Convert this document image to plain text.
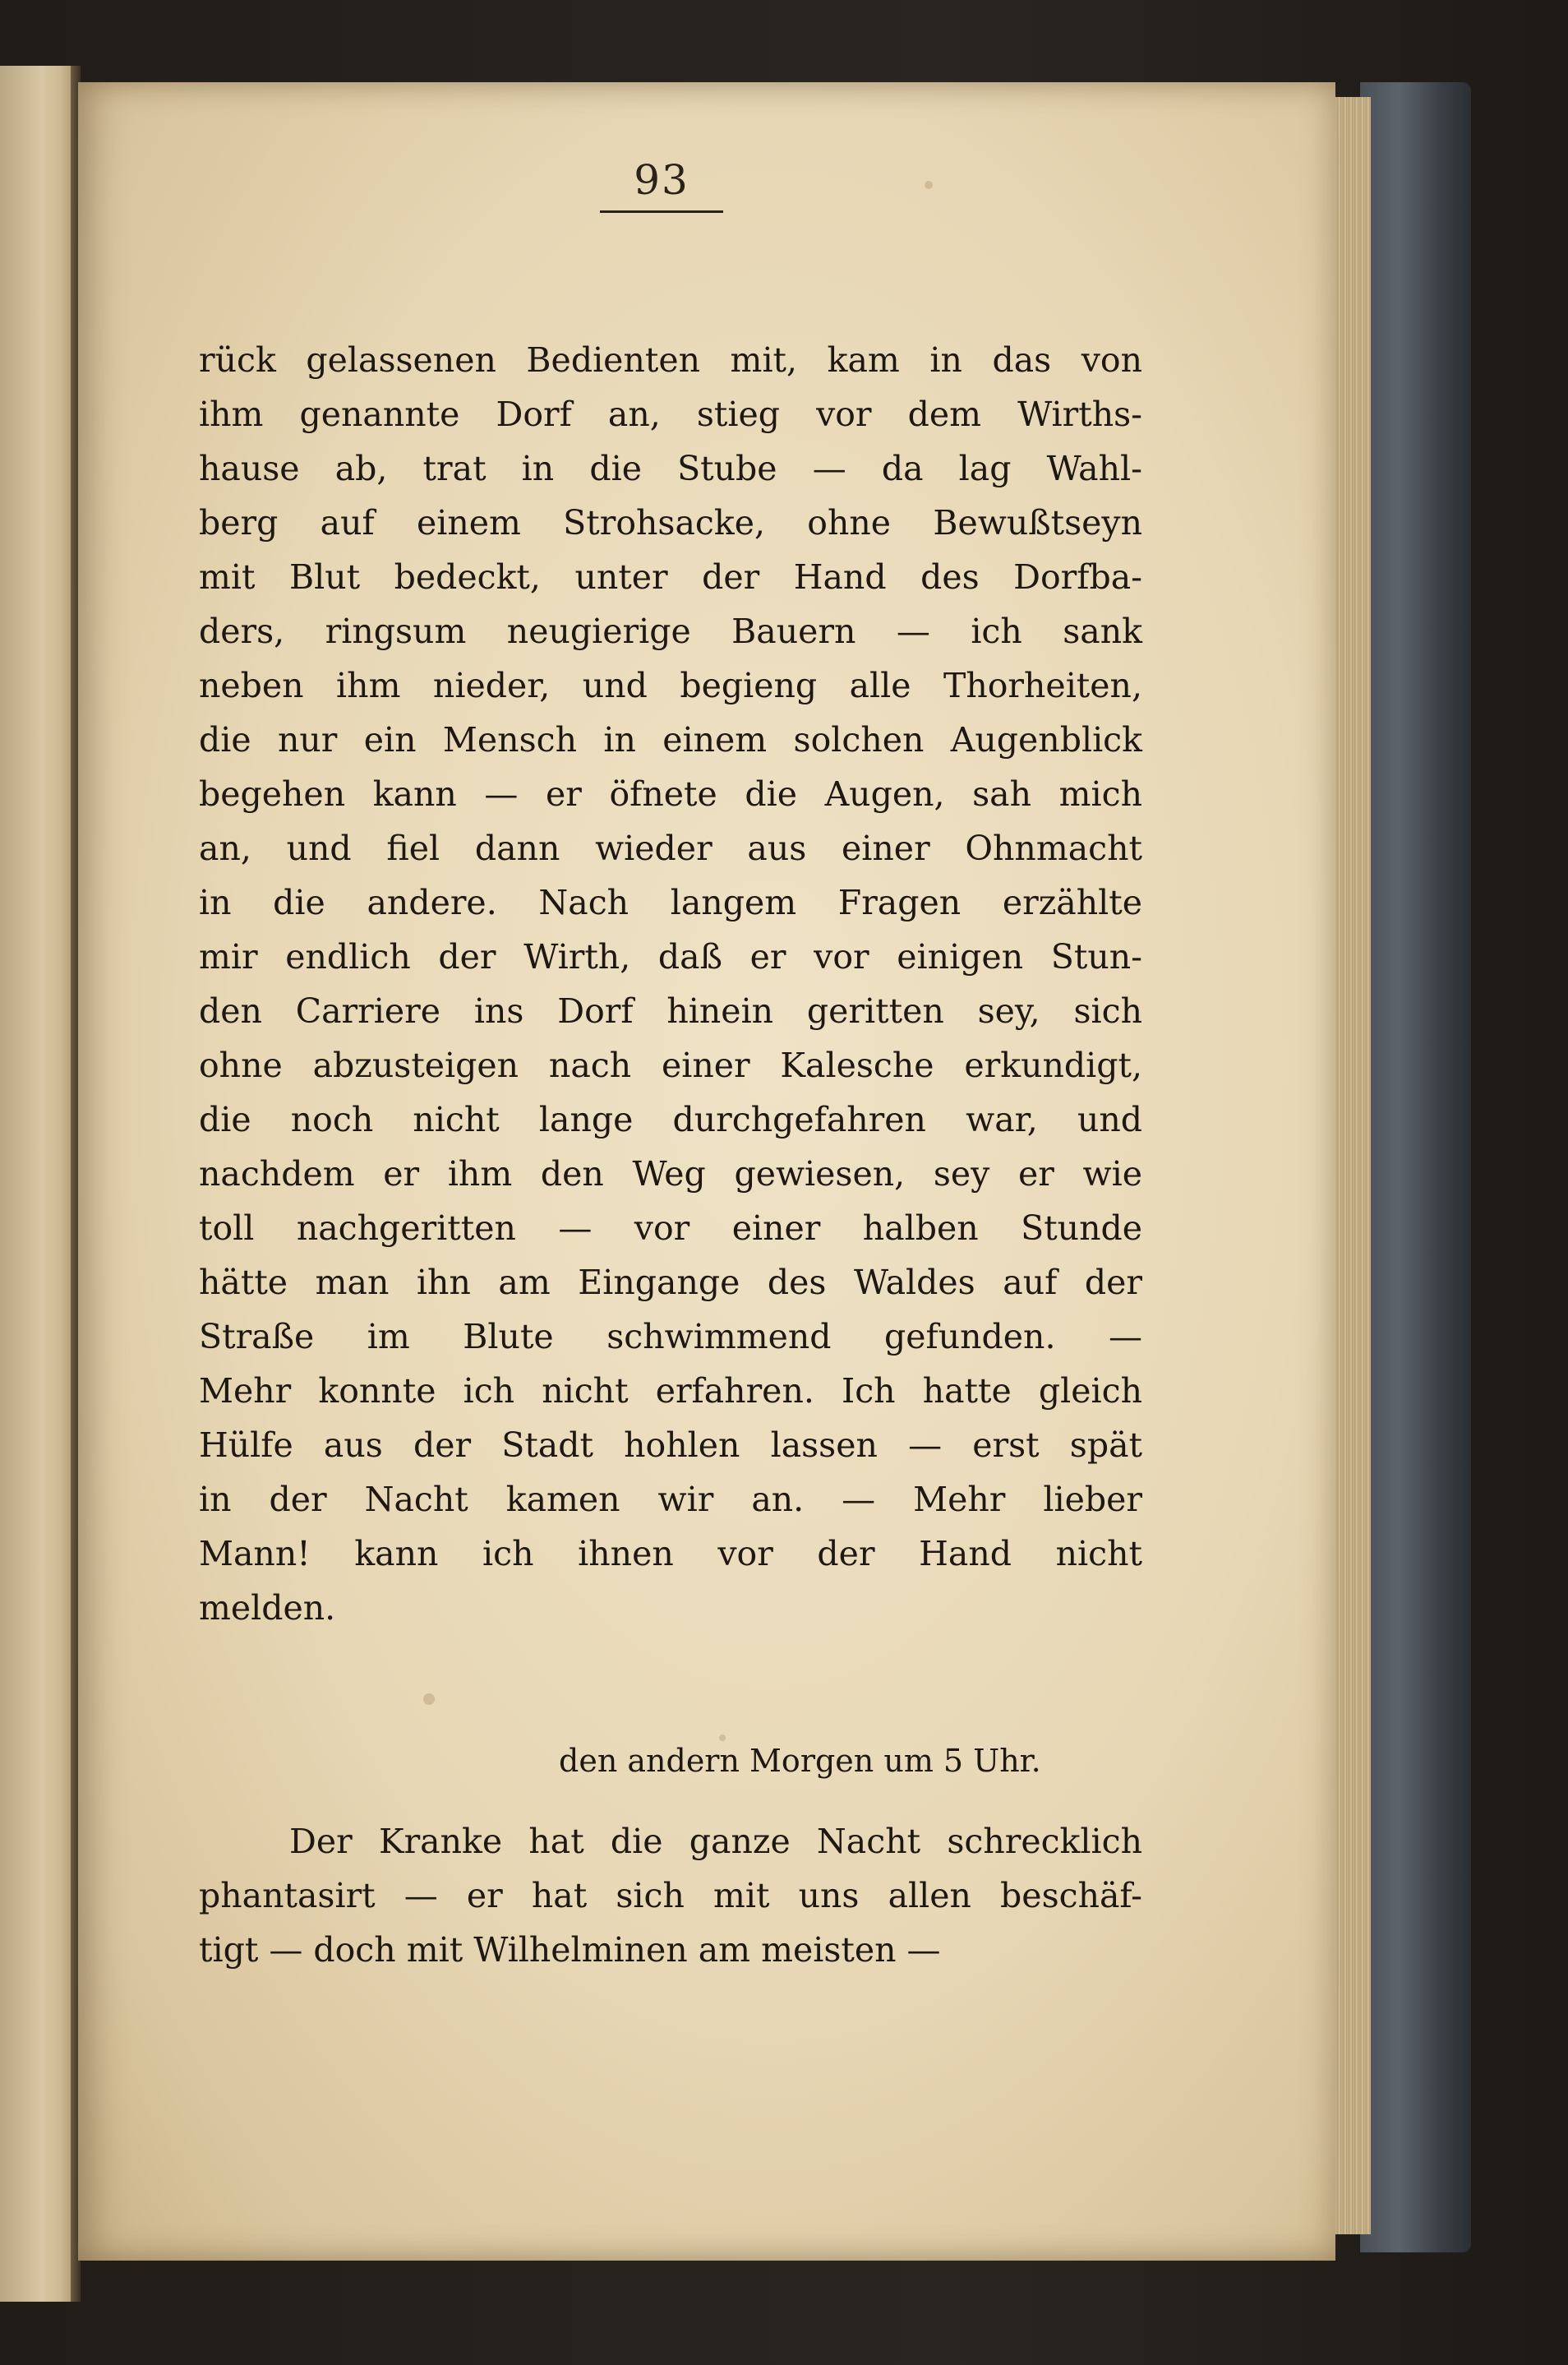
93
rück gelassenen Bedienten mit, kam in das von
ihm genannte Dorf an, stieg vor dem Wirths-
hause ab, trat in die Stube — da lag Wahl-
berg auf einem Strohsacke, ohne Bewußtseyn
mit Blut bedeckt, unter der Hand des Dorfba-
ders, ringsum neugierige Bauern — ich sank
neben ihm nieder, und begieng alle Thorheiten,
die nur ein Mensch in einem solchen Augenblick
begehen kann — er öfnete die Augen, sah mich
an, und fiel dann wieder aus einer Ohnmacht
in die andere. Nach langem Fragen erzählte
mir endlich der Wirth, daß er vor einigen Stun-
den Carriere ins Dorf hinein geritten sey, sich
ohne abzusteigen nach einer Kalesche erkundigt,
die noch nicht lange durchgefahren war, und
nachdem er ihm den Weg gewiesen, sey er wie
toll nachgeritten — vor einer halben Stunde
hätte man ihn am Eingange des Waldes auf der
Straße im Blute schwimmend gefunden. —
Mehr konnte ich nicht erfahren. Ich hatte gleich
Hülfe aus der Stadt hohlen lassen — erst spät
in der Nacht kamen wir an. — Mehr lieber
Mann! kann ich ihnen vor der Hand nicht
melden.
den andern Morgen um 5 Uhr.
Der Kranke hat die ganze Nacht schrecklich
phantasirt — er hat sich mit uns allen beschäf-
tigt — doch mit Wilhelminen am meisten —
